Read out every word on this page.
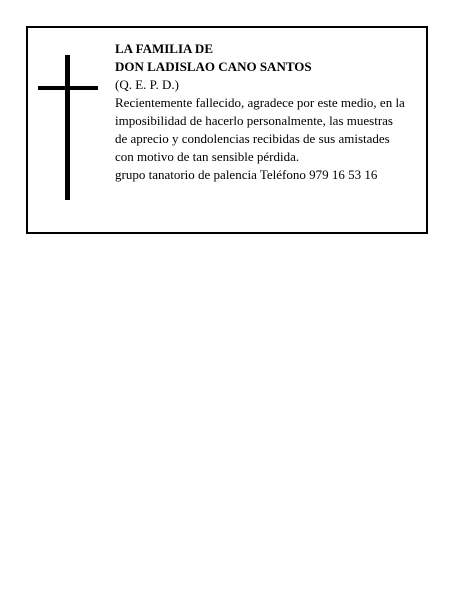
LA FAMILIA DE
DON LADISLAO CANO SANTOS
(Q. E. P. D.)
Recientemente fallecido, agradece por este medio, en la
imposibilidad de hacerlo personalmente, las muestras
de aprecio y condolencias recibidas de sus amistades
con motivo de tan sensible pérdida.
grupo tanatorio de palencia Teléfono 979 16 53 16
